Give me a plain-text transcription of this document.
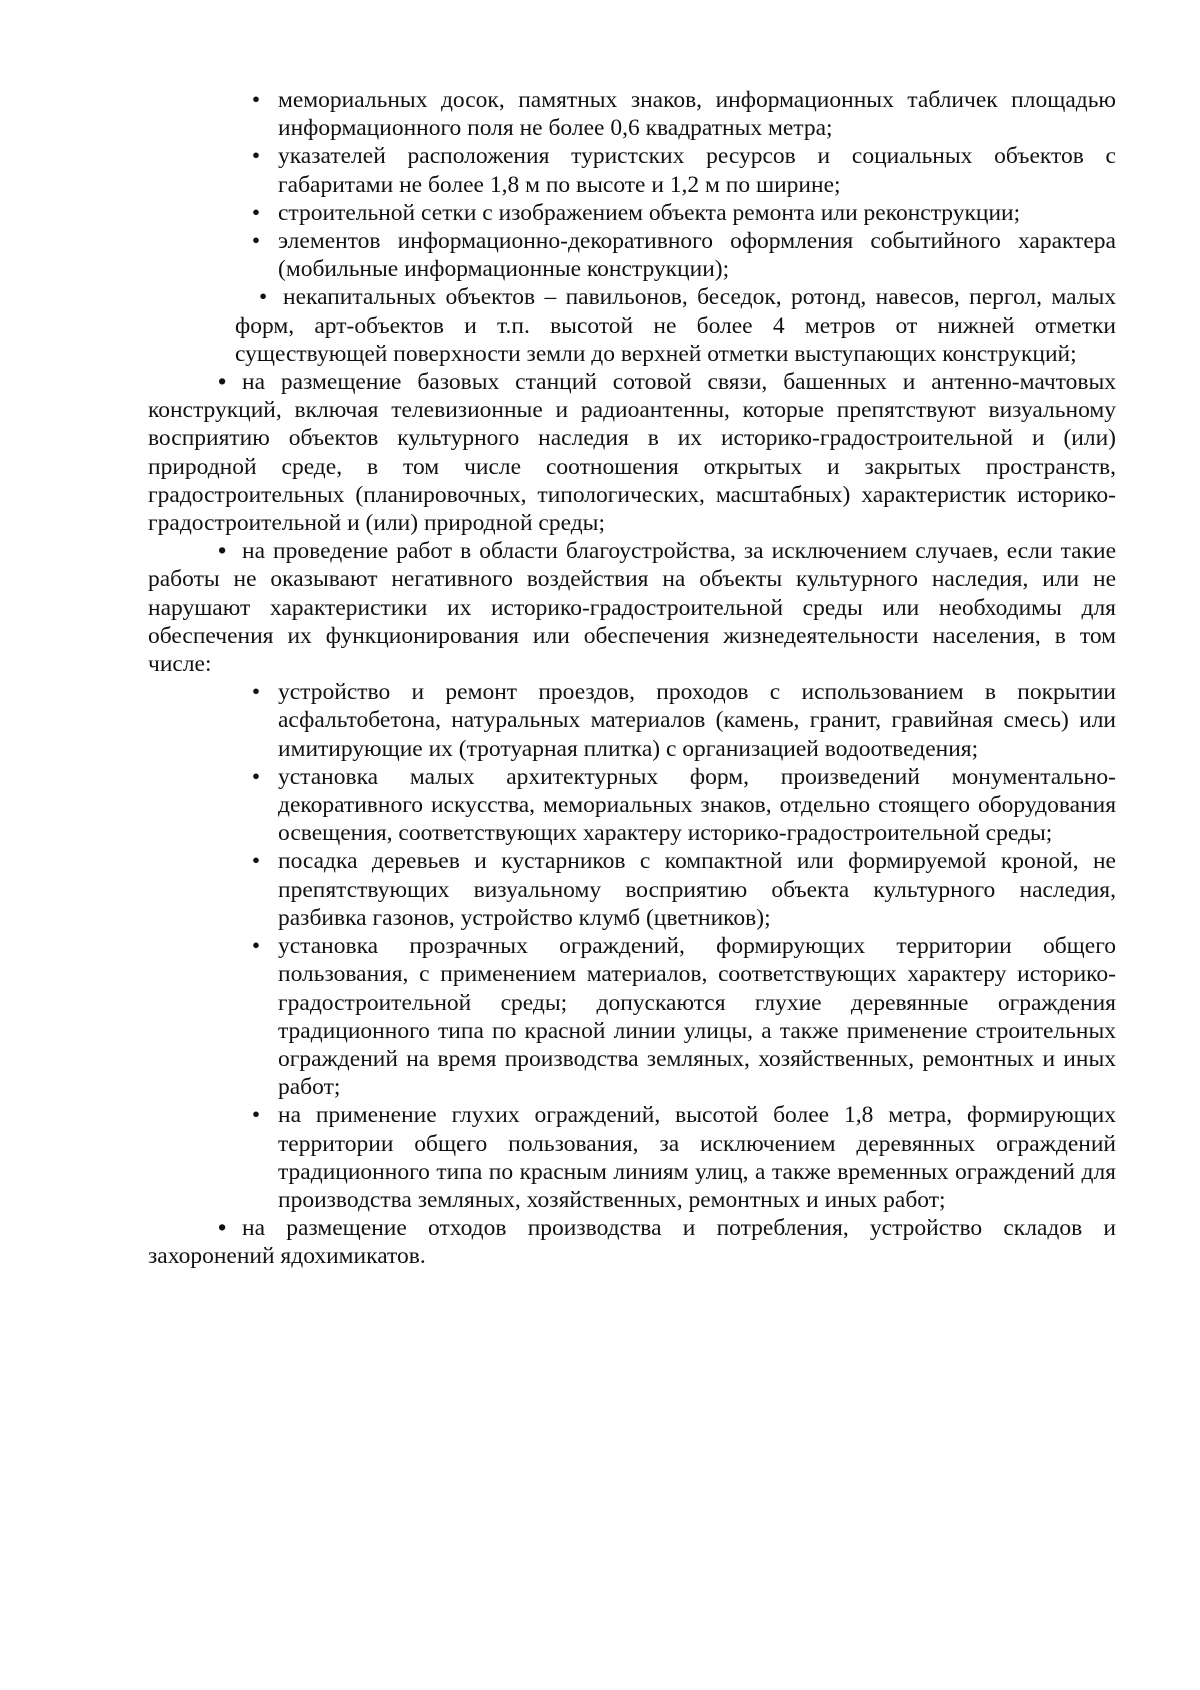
• мемориальных досок, памятных знаков, информационных табличек площадью информационного поля не более 0,6 квадратных метра;
• указателей расположения туристских ресурсов и социальных объектов с габаритами не более 1,8 м по высоте и 1,2 м по ширине;
• строительной сетки с изображением объекта ремонта или реконструкции;
• элементов информационно-декоративного оформления событийного характера (мобильные информационные конструкции);
• некапитальных объектов – павильонов, беседок, ротонд, навесов, пергол, малых форм, арт-объектов и т.п. высотой не более 4 метров от нижней отметки существующей поверхности земли до верхней отметки выступающих конструкций;
• на размещение базовых станций сотовой связи, башенных и антенно-мачтовых конструкций, включая телевизионные и радиоантенны, которые препятствуют визуальному восприятию объектов культурного наследия в их историко-градостроительной и (или) природной среде, в том числе соотношения открытых и закрытых пространств, градостроительных (планировочных, типологических, масштабных) характеристик историко-градостроительной и (или) природной среды;
• на проведение работ в области благоустройства, за исключением случаев, если такие работы не оказывают негативного воздействия на объекты культурного наследия, или не нарушают характеристики их историко-градостроительной среды или необходимы для обеспечения их функционирования или обеспечения жизнедеятельности населения, в том числе:
• устройство и ремонт проездов, проходов с использованием в покрытии асфальтобетона, натуральных материалов (камень, гранит, гравийная смесь) или имитирующие их (тротуарная плитка) с организацией водоотведения;
• установка малых архитектурных форм, произведений монументально-декоративного искусства, мемориальных знаков, отдельно стоящего оборудования освещения, соответствующих характеру историко-градостроительной среды;
• посадка деревьев и кустарников с компактной или формируемой кроной, не препятствующих визуальному восприятию объекта культурного наследия, разбивка газонов, устройство клумб (цветников);
• установка прозрачных ограждений, формирующих территории общего пользования, с применением материалов, соответствующих характеру историко-градостроительной среды; допускаются глухие деревянные ограждения традиционного типа по красной линии улицы, а также применение строительных ограждений на время производства земляных, хозяйственных, ремонтных и иных работ;
• на применение глухих ограждений, высотой более 1,8 метра, формирующих территории общего пользования, за исключением деревянных ограждений традиционного типа по красным линиям улиц, а также временных ограждений для производства земляных, хозяйственных, ремонтных и иных работ;
• на размещение отходов производства и потребления, устройство складов и захоронений ядохимикатов.
